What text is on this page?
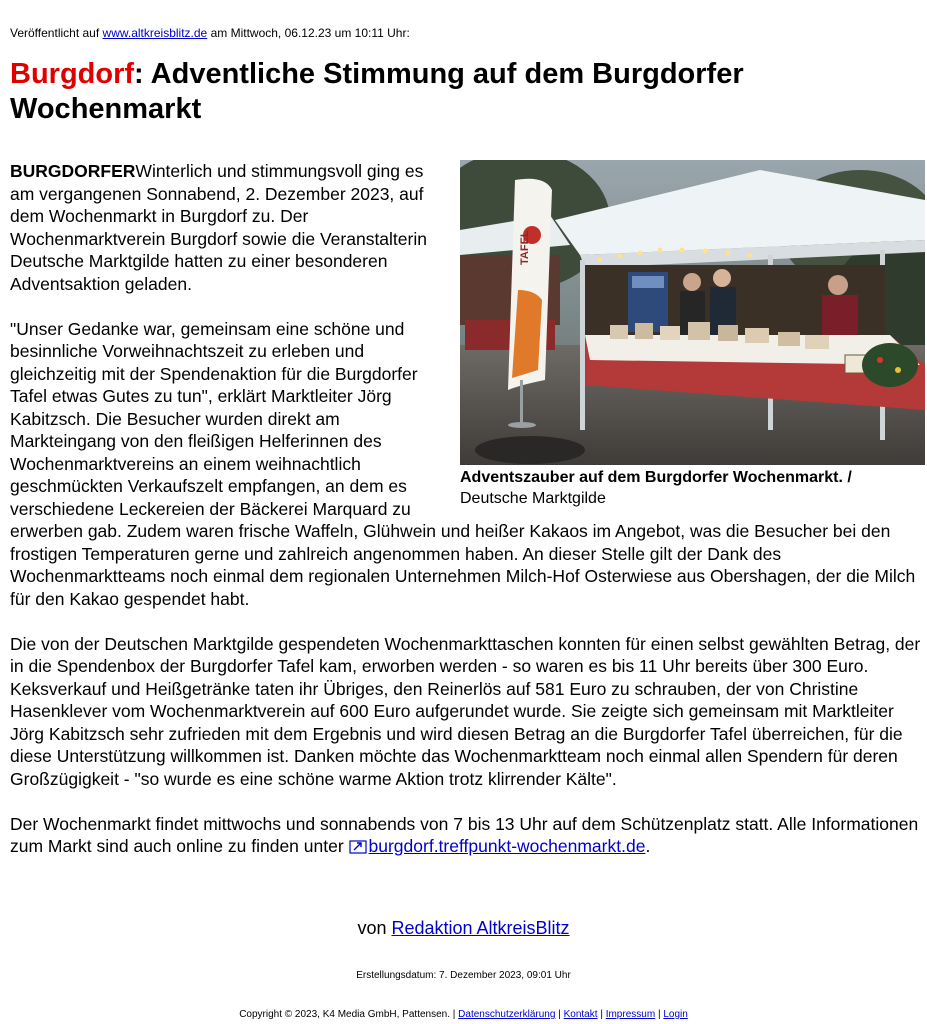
Veröffentlicht auf www.altkreisblitz.de am Mittwoch, 06.12.23 um 10:11 Uhr:
Burgdorf: Adventliche Stimmung auf dem Burgdorfer Wochenmarkt
TAFEL
Adventszauber auf dem Burgdorfer Wochenmarkt. /
Deutsche Marktgilde

BURGDORFERWinterlich und stimmungsvoll ging es am vergangenen Sonnabend, 2. Dezember 2023, auf dem Wochenmarkt in Burgdorf zu. Der Wochenmarktverein Burgdorf sowie die Veranstalterin Deutsche Marktgilde hatten zu einer besonderen Adventsaktion geladen.

"Unser Gedanke war, gemeinsam eine schöne und besinnliche Vorweihnachtszeit zu erleben und gleichzeitig mit der Spendenaktion für die Burgdorfer Tafel etwas Gutes zu tun", erklärt Marktleiter Jörg Kabitzsch. Die Besucher wurden direkt am Markteingang von den fleißigen Helferinnen des Wochenmarktvereins an einem weihnachtlich geschmückten Verkaufszelt empfangen, an dem es verschiedene Leckereien der Bäckerei Marquard zu erwerben gab. Zudem waren frische Waffeln, Glühwein und heißer Kakaos im Angebot, was die Besucher bei den frostigen Temperaturen gerne und zahlreich angenommen haben. An dieser Stelle gilt der Dank des Wochenmarktteams noch einmal dem regionalen Unternehmen Milch-Hof Osterwiese aus Obershagen, der die Milch für den Kakao gespendet habt.

Die von der Deutschen Marktgilde gespendeten Wochenmarkttaschen konnten für einen selbst gewählten Betrag, der in die Spendenbox der Burgdorfer Tafel kam, erworben werden - so waren es bis 11 Uhr bereits über 300 Euro. Keksverkauf und Heißgetränke taten ihr Übriges, den Reinerlös auf 581 Euro zu schrauben, der von Christine Hasenklever vom Wochenmarktverein auf 600 Euro aufgerundet wurde. Sie zeigte sich gemeinsam mit Marktleiter Jörg Kabitzsch sehr zufrieden mit dem Ergebnis und wird diesen Betrag an die Burgdorfer Tafel überreichen, für die diese Unterstützung willkommen ist. Danken möchte das Wochenmarktteam noch einmal allen Spendern für deren Großzügigkeit - "so wurde es eine schöne warme Aktion trotz klirrender Kälte".

Der Wochenmarkt findet mittwochs und sonnabends von 7 bis 13 Uhr auf dem Schützenplatz statt. Alle Informationen zum Markt sind auch online zu finden unter burgdorf.treffpunkt-wochenmarkt.de.

von Redaktion AltkreisBlitz
Erstellungsdatum: 7. Dezember 2023, 09:01 Uhr
Copyright © 2023, K4 Media GmbH, Pattensen. | Datenschutzerklärung | Kontakt | Impressum | Login
